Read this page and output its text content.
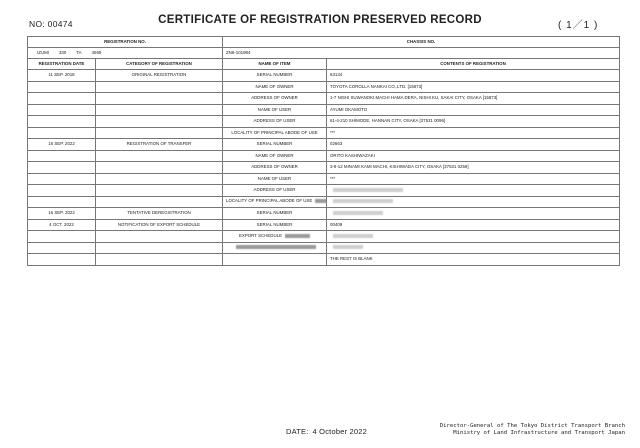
NO: 00474	CERTIFICATE OF REGISTRATION PRESERVED RECORD	( 1／1 )
REGISTRATION NO.		CHASSIS NO.	

IZUMI 330 TA 4569		ZN6-101984	
REGISTRATION DATE	CATEGORY OF REGISTRATION	NAME OF ITEM	CONTENTS OF REGISTRATION
11 SEP. 2018	ORIGINAL REGISTRATION	SERIAL NUMBER	63134
		NAME OF OWNER	TOYOTA COROLLA NANKAI CO.,LTD. [15873]
		ADDRESS OF OWNER	1-7 NISHI SUWANOKI MACHI HAMA DERA, NISHI KU, SAKAI CITY, OSAKA [15873]
		NAME OF USER	AYUMI OKAMOTO
		ADDRESS OF USER	61-4-210 SHIMODE, HANNAN CITY, OSAKA [37531 0096]
		LOCALITY OF PRINCIPAL ABODE OF USE	***
16 SEP. 2022	REGISTRATION OF TRANSFER	SERIAL NUMBER	02663
		NAME OF OWNER	ORITO KASHIWAZAKI
		ADDRESS OF OWNER	3-9-12 MINAMI KAMI MACHI, KISHIWADA CITY, OSAKA [37531 0259]
		NAME OF USER	***
		ADDRESS OF USER	
		LOCALITY OF PRINCIPAL ABODE OF USE	
16 SEP. 2022	TENTATIVE DEREGISTRATION	SERIAL NUMBER	
4 OCT. 2022	NOTIFICATION OF EXPORT SCHEDULE	SERIAL NUMBER	00409
		EXPORT SCHEDULE	

			THE REST IS BLANK
DATE: 4 October 2022
Director-General of The Tokyo District Transport Branch
Ministry of Land Infrastructure and Transport Japan
